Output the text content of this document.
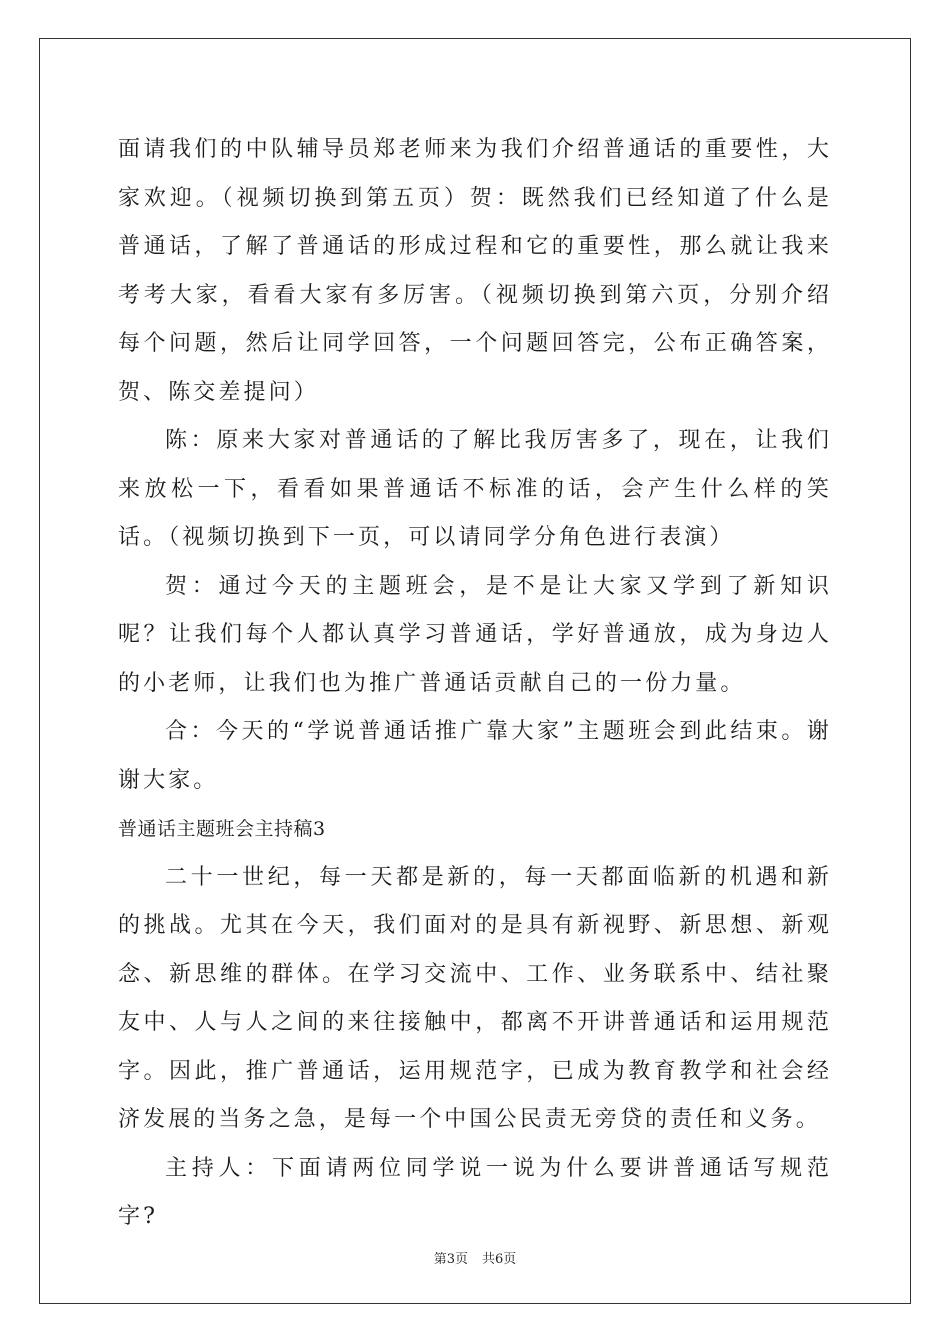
面请我们的中队辅导员郑老师来为我们介绍普通话的重要性，大家欢迎。（视频切换到第五页）贺：既然我们已经知道了什么是普通话，了解了普通话的形成过程和它的重要性，那么就让我来考考大家，看看大家有多厉害。（视频切换到第六页，分别介绍每个问题，然后让同学回答，一个问题回答完，公布正确答案，贺、陈交差提问）

陈：原来大家对普通话的了解比我厉害多了，现在，让我们来放松一下，看看如果普通话不标准的话，会产生什么样的笑话。（视频切换到下一页，可以请同学分角色进行表演）

贺：通过今天的主题班会，是不是让大家又学到了新知识呢？让我们每个人都认真学习普通话，学好普通放，成为身边人的小老师，让我们也为推广普通话贡献自己的一份力量。

合：今天的“学说普通话推广靠大家”主题班会到此结束。谢谢大家。

普通话主题班会主持稿3

二十一世纪，每一天都是新的，每一天都面临新的机遇和新的挑战。尤其在今天，我们面对的是具有新视野、新思想、新观念、新思维的群体。在学习交流中、工作、业务联系中、结社聚友中、人与人之间的来往接触中，都离不开讲普通话和运用规范字。因此，推广普通话，运用规范字，已成为教育教学和社会经济发展的当务之急，是每一个中国公民责无旁贷的责任和义务。

主持人：下面请两位同学说一说为什么要讲普通话写规范字?

第3页 共6页
